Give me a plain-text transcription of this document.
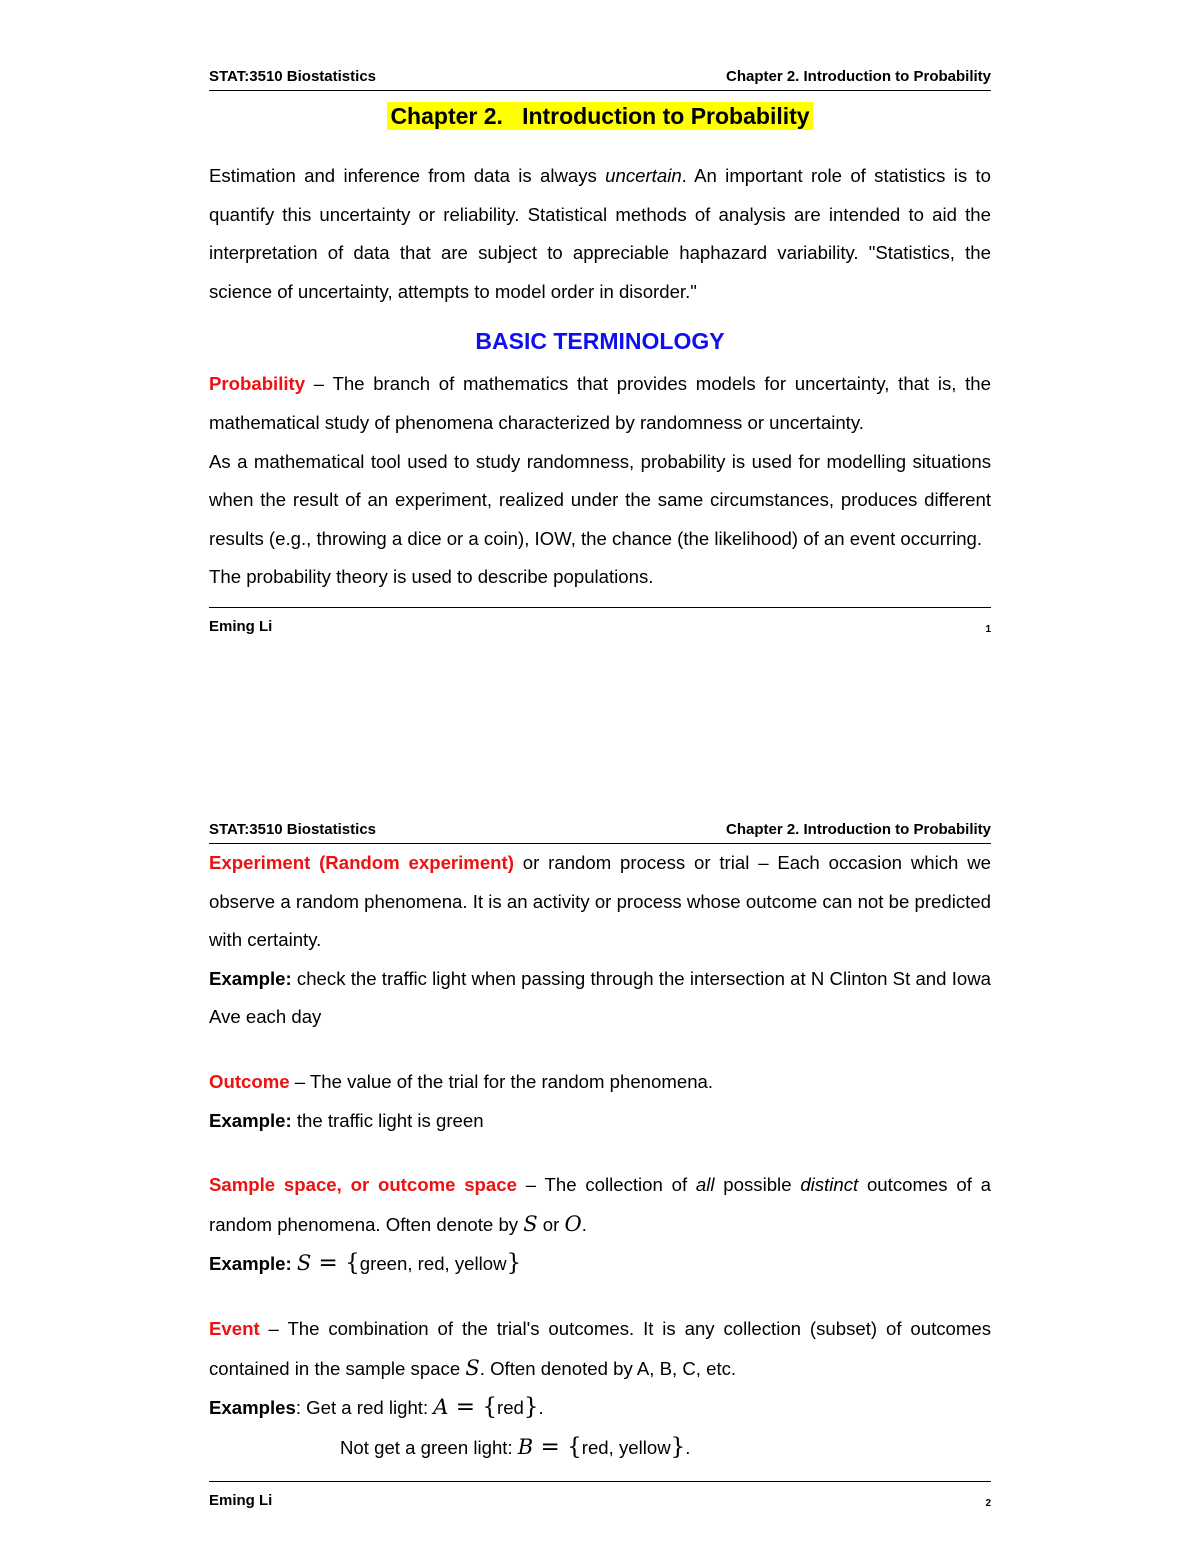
STAT:3510 Biostatistics	Chapter 2. Introduction to Probability
Chapter 2.   Introduction to Probability

Estimation and inference from data is always uncertain. An important role of statistics is to quantify this uncertainty or reliability. Statistical methods of analysis are intended to aid the interpretation of data that are subject to appreciable haphazard variability. "Statistics, the science of uncertainty, attempts to model order in disorder."

BASIC TERMINOLOGY

Probability – The branch of mathematics that provides models for uncertainty, that is, the mathematical study of phenomena characterized by randomness or uncertainty.

As a mathematical tool used to study randomness, probability is used for modelling situations when the result of an experiment, realized under the same circumstances, produces different results (e.g., throwing a dice or a coin), IOW, the chance (the likelihood) of an event occurring.

The probability theory is used to describe populations.

Eming Li	1
STAT:3510 Biostatistics	Chapter 2. Introduction to Probability

Experiment (Random experiment) or random process or trial – Each occasion which we observe a random phenomena. It is an activity or process whose outcome can not be predicted with certainty.

Example: check the traffic light when passing through the intersection at N Clinton St and Iowa Ave each day

Outcome – The value of the trial for the random phenomena.

Example: the traffic light is green

Sample space, or outcome space – The collection of all possible distinct outcomes of a random phenomena. Often denote by S or O.

Example: S = {green, red, yellow}

Event – The combination of the trial's outcomes. It is any collection (subset) of outcomes contained in the sample space S. Often denoted by A, B, C, etc.

Examples: Get a red light: A = {red}.

Not get a green light: B = {red, yellow}.

Eming Li	2
